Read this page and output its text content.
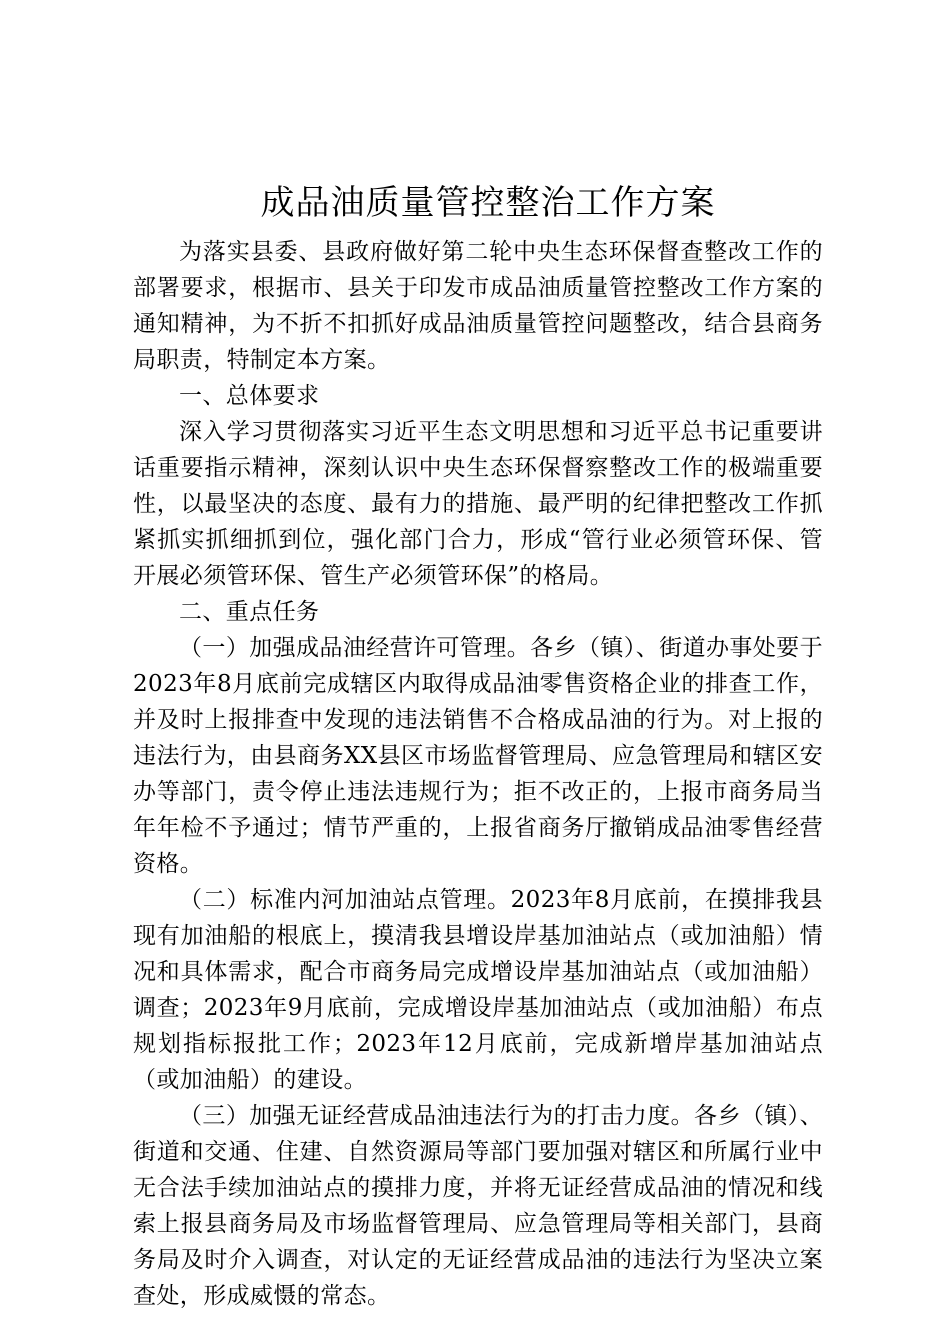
成品油质量管控整治工作方案

为落实县委、县政府做好第二轮中央生态环保督查整改工作的部署要求，根据市、县关于印发市成品油质量管控整改工作方案的通知精神，为不折不扣抓好成品油质量管控问题整改，结合县商务局职责，特制定本方案。

一、总体要求

深入学习贯彻落实习近平生态文明思想和习近平总书记重要讲话重要指示精神，深刻认识中央生态环保督察整改工作的极端重要性，以最坚决的态度、最有力的措施、最严明的纪律把整改工作抓紧抓实抓细抓到位，强化部门合力，形成“管行业必须管环保、管开展必须管环保、管生产必须管环保”的格局。

二、重点任务

（一）加强成品油经营许可管理。各乡（镇）、街道办事处要于2023年8月底前完成辖区内取得成品油零售资格企业的排查工作，并及时上报排查中发现的违法销售不合格成品油的行为。对上报的违法行为，由县商务XX县区市场监督管理局、应急管理局和辖区安办等部门，责令停止违法违规行为；拒不改正的，上报市商务局当年年检不予通过；情节严重的，上报省商务厅撤销成品油零售经营资格。

（二）标准内河加油站点管理。2023年8月底前，在摸排我县现有加油船的根底上，摸清我县增设岸基加油站点（或加油船）情况和具体需求，配合市商务局完成增设岸基加油站点（或加油船）调查；2023年9月底前，完成增设岸基加油站点（或加油船）布点规划指标报批工作；2023年12月底前，完成新增岸基加油站点（或加油船）的建设。

（三）加强无证经营成品油违法行为的打击力度。各乡（镇）、街道和交通、住建、自然资源局等部门要加强对辖区和所属行业中无合法手续加油站点的摸排力度，并将无证经营成品油的情况和线索上报县商务局及市场监督管理局、应急管理局等相关部门，县商务局及时介入调查，对认定的无证经营成品油的违法行为坚决立案查处，形成威慑的常态。
